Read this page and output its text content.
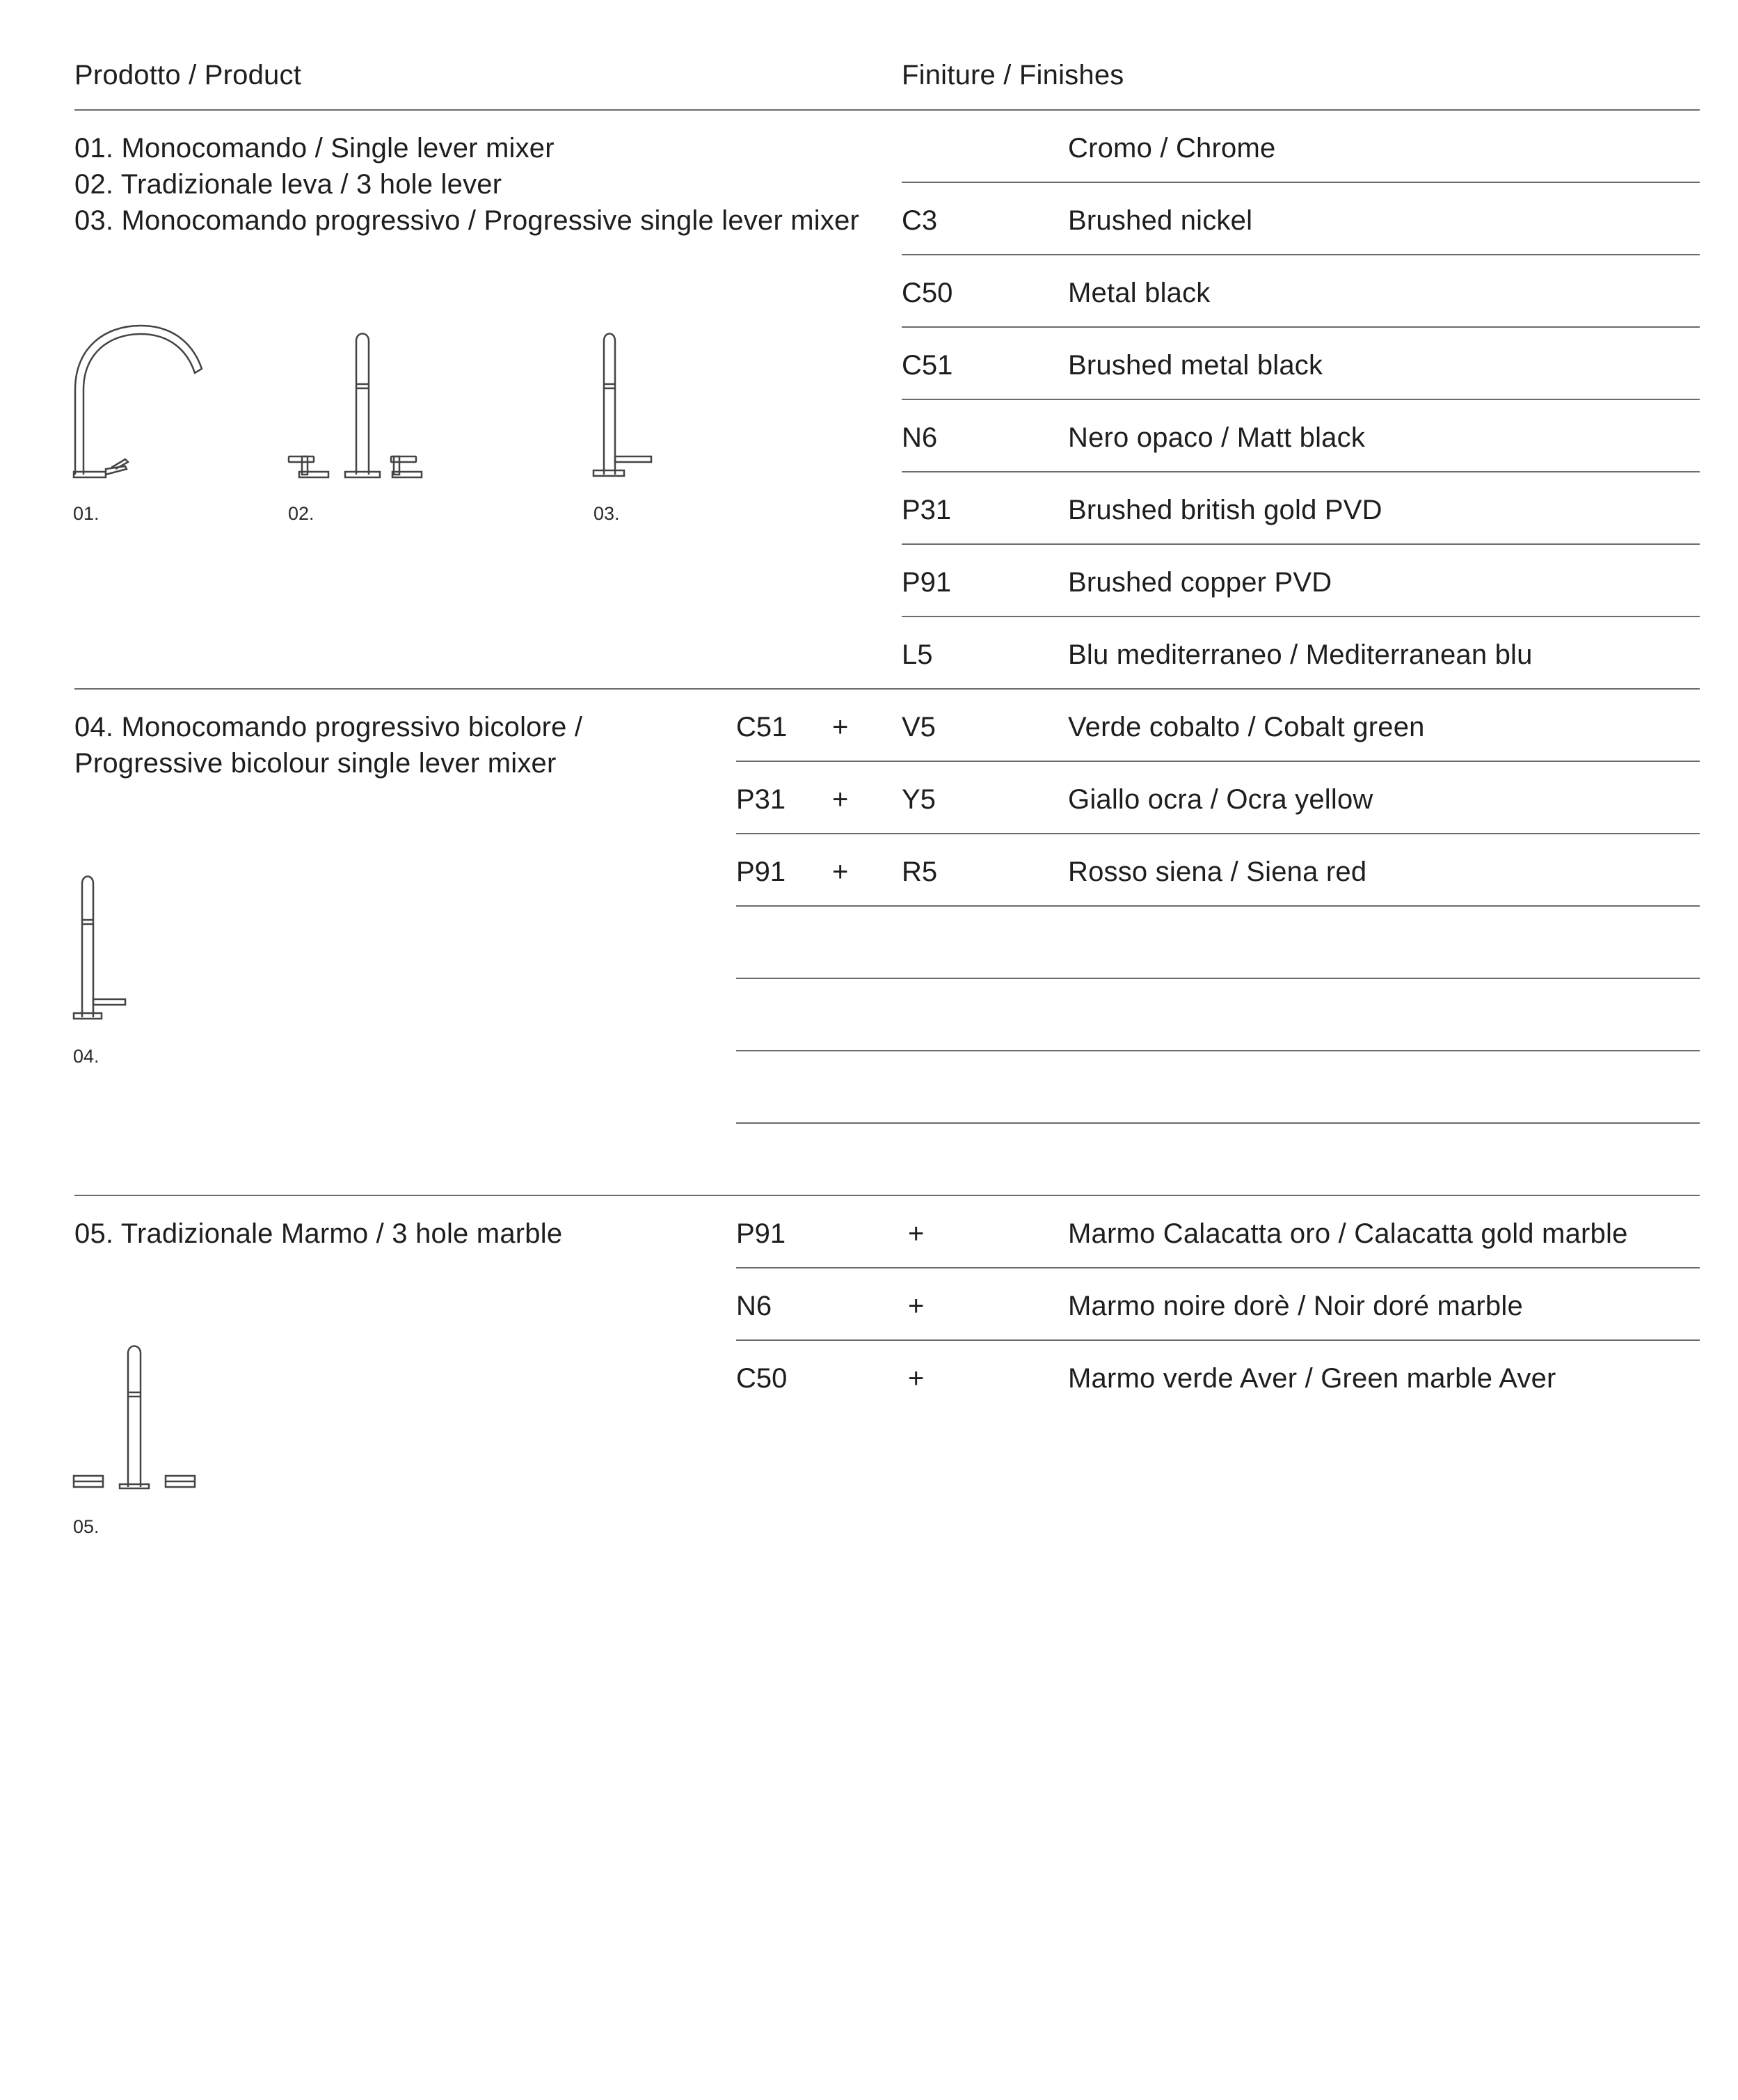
Prodotto / Product	Finiture / Finishes
01. Monocomando / Single lever mixer
02. Tradizionale leva / 3 hole lever
03. Monocomando progressivo / Progressive single lever mixer
01.	02.	03.
Cromo / Chrome
C3	Brushed nickel
C50	Metal black
C51	Brushed metal black
N6	Nero opaco / Matt black
P31	Brushed british gold PVD
P91	Brushed copper PVD
L5	Blu mediterraneo / Mediterranean blu
04. Monocomando progressivo bicolore /
Progressive bicolour single lever mixer
04.
C51 + V5	Verde cobalto / Cobalt green
P31 + Y5	Giallo ocra / Ocra yellow
P91 + R5	Rosso siena / Siena red
05. Tradizionale Marmo / 3 hole marble
05.
P91	+	Marmo Calacatta oro / Calacatta gold marble
N6	+	Marmo noire dorè / Noir doré marble
C50	+	Marmo verde Aver / Green marble Aver
